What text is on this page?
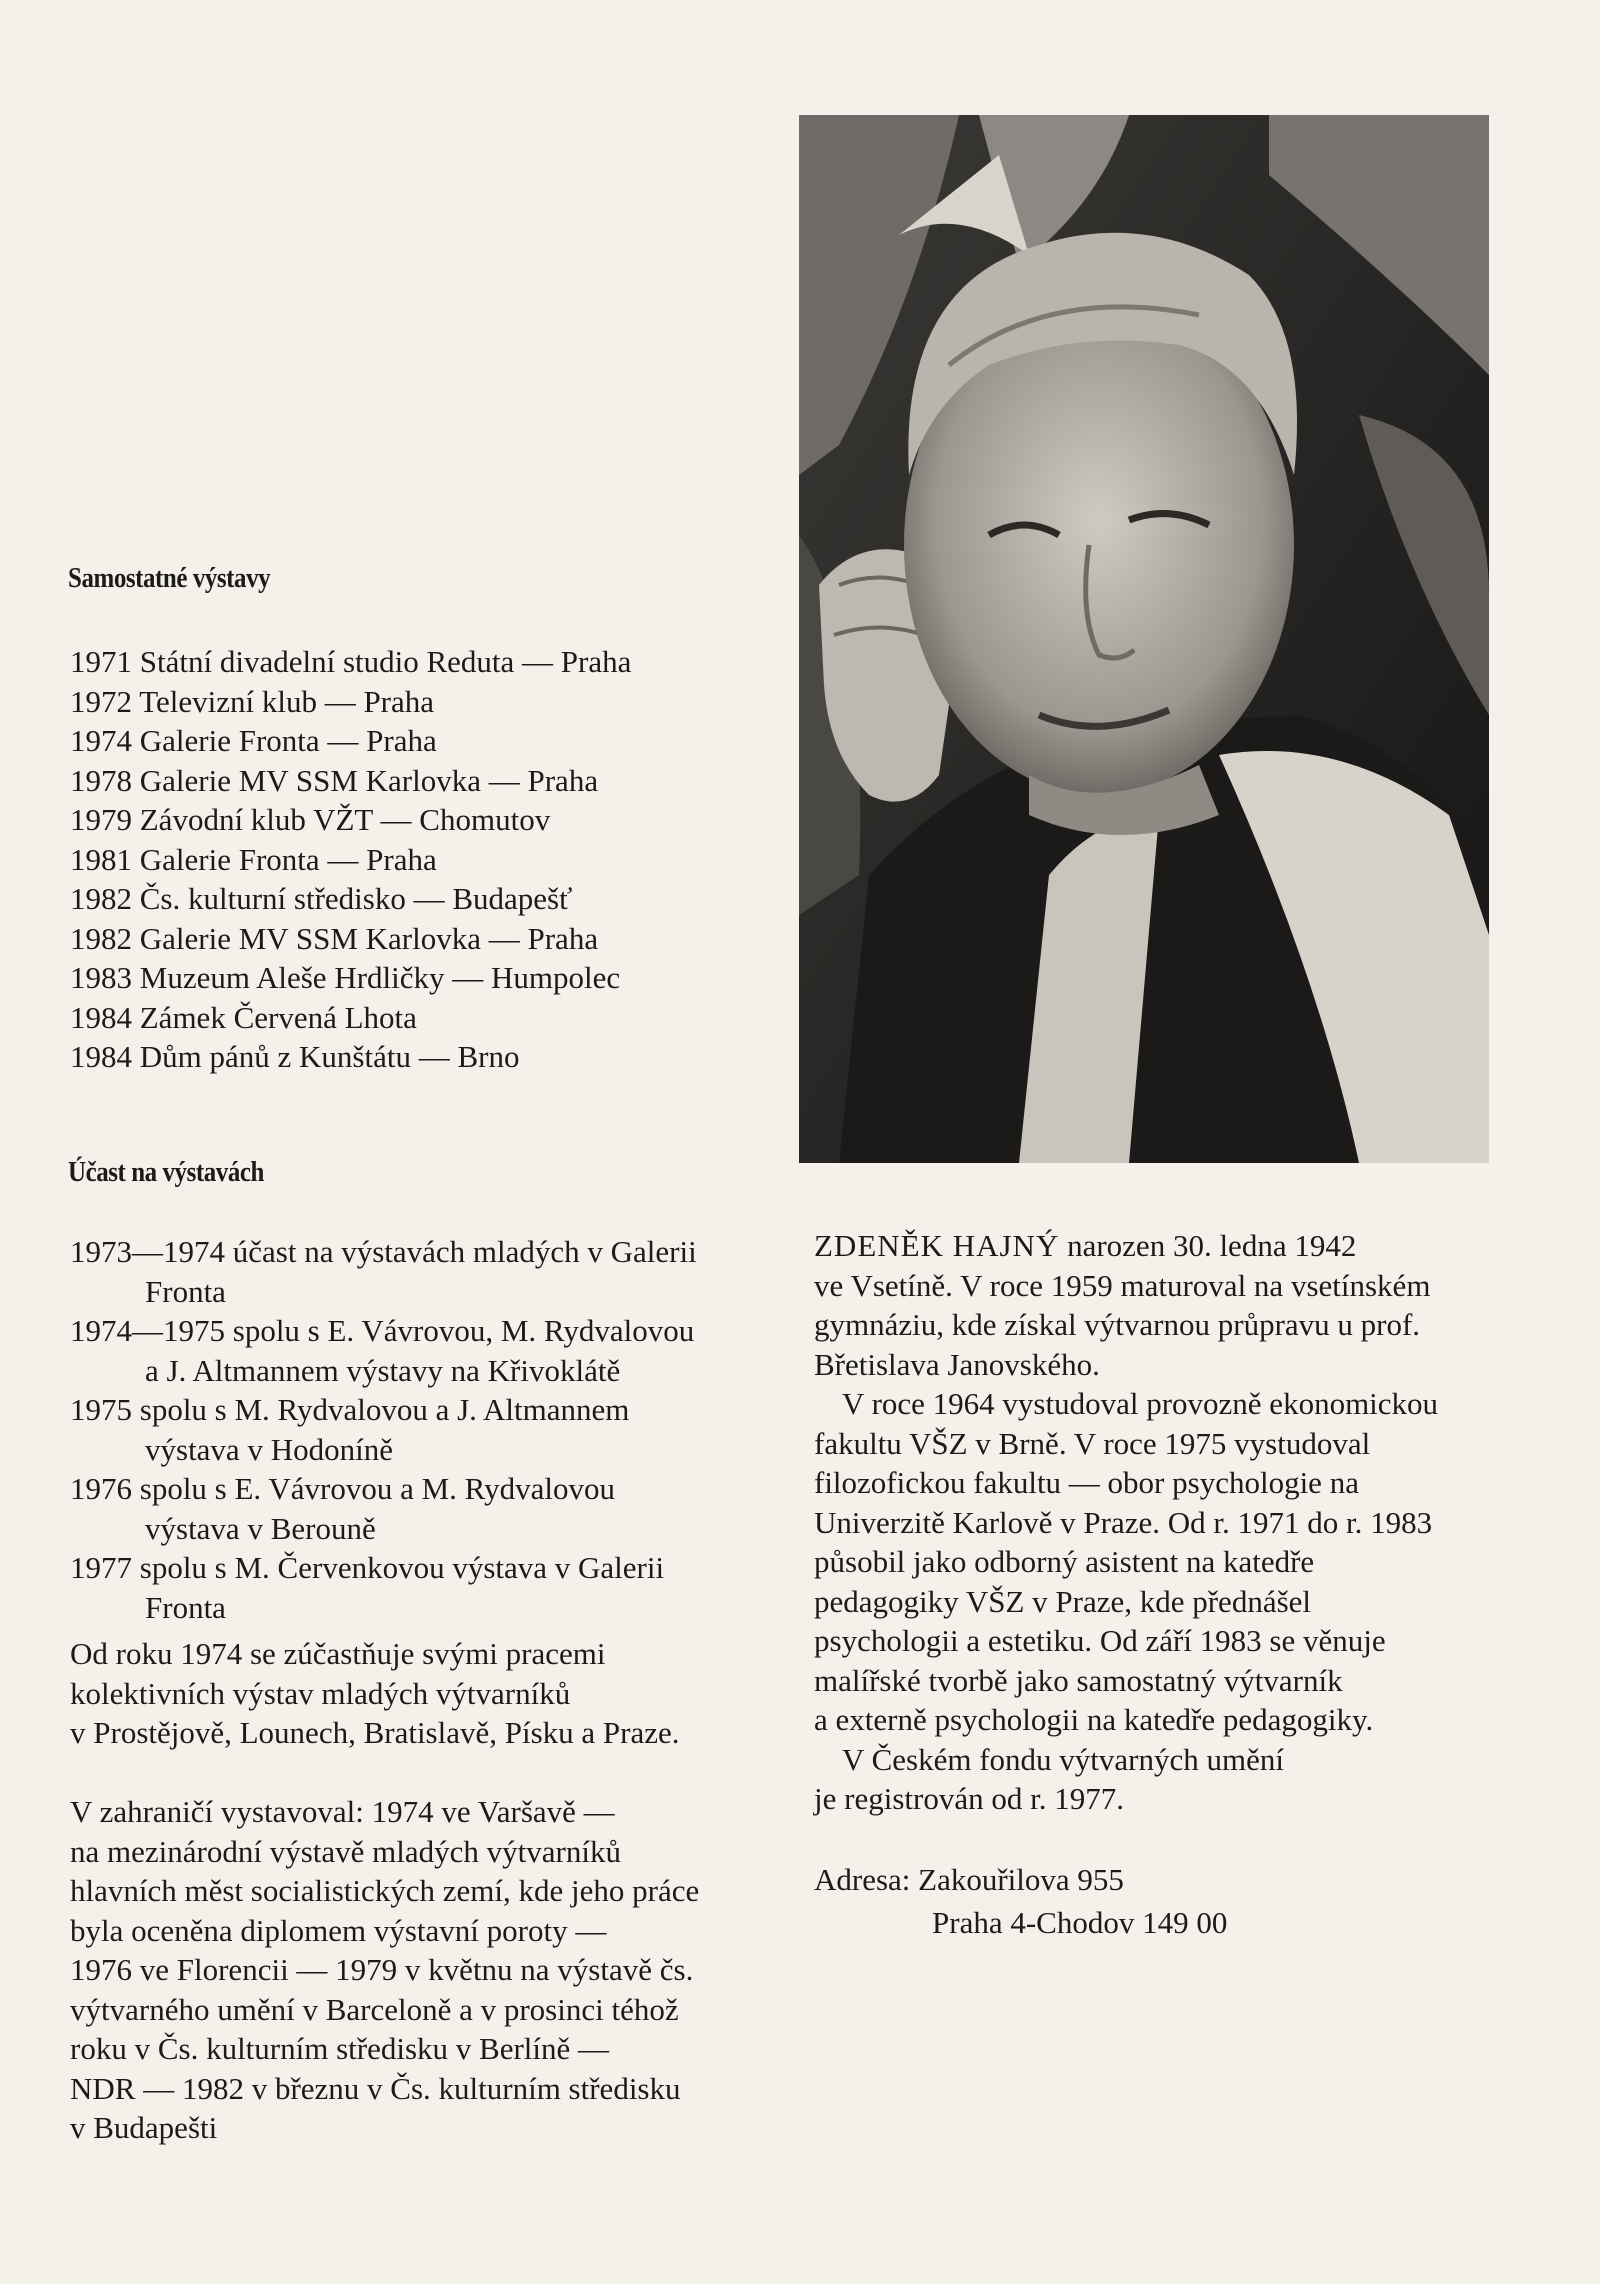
Samostatné výstavy
1971 Státní divadelní studio Reduta — Praha
1972 Televizní klub — Praha
1974 Galerie Fronta — Praha
1978 Galerie MV SSM Karlovka — Praha
1979 Závodní klub VŽT — Chomutov
1981 Galerie Fronta — Praha
1982 Čs. kulturní středisko — Budapešť
1982 Galerie MV SSM Karlovka — Praha
1983 Muzeum Aleše Hrdličky — Humpolec
1984 Zámek Červená Lhota
1984 Dům pánů z Kunštátu — Brno
Účast na výstavách
1973—1974 účast na výstavách mladých v Galerii
Fronta
1974—1975 spolu s E. Vávrovou, M. Rydvalovou
a J. Altmannem výstavy na Křivoklátě
1975 spolu s M. Rydvalovou a J. Altmannem
výstava v Hodoníně
1976 spolu s E. Vávrovou a M. Rydvalovou
výstava v Berouně
1977 spolu s M. Červenkovou výstava v Galerii
Fronta
Od roku 1974 se zúčastňuje svými pracemi
kolektivních výstav mladých výtvarníků
v Prostějově, Lounech, Bratislavě, Písku a Praze.
V zahraničí vystavoval: 1974 ve Varšavě —
na mezinárodní výstavě mladých výtvarníků
hlavních měst socialistických zemí, kde jeho práce
byla oceněna diplomem výstavní poroty —
1976 ve Florencii — 1979 v květnu na výstavě čs.
výtvarného umění v Barceloně a v prosinci téhož
roku v Čs. kulturním středisku v Berlíně —
NDR — 1982 v březnu v Čs. kulturním středisku
v Budapešti

ZDENĚK HAJNÝ narozen 30. ledna 1942
ve Vsetíně. V roce 1959 maturoval na vsetínském
gymnáziu, kde získal výtvarnou průpravu u prof.
Břetislava Janovského.

V roce 1964 vystudoval provozně ekonomickou
fakultu VŠZ v Brně. V roce 1975 vystudoval
filozofickou fakultu — obor psychologie na
Univerzitě Karlově v Praze. Od r. 1971 do r. 1983
působil jako odborný asistent na katedře
pedagogiky VŠZ v Praze, kde přednášel
psychologii a estetiku. Od září 1983 se věnuje
malířské tvorbě jako samostatný výtvarník
a externě psychologii na katedře pedagogiky.

V Českém fondu výtvarných umění
je registrován od r. 1977.

Adresa: Zakouřilova 955
Praha 4-Chodov 149 00
